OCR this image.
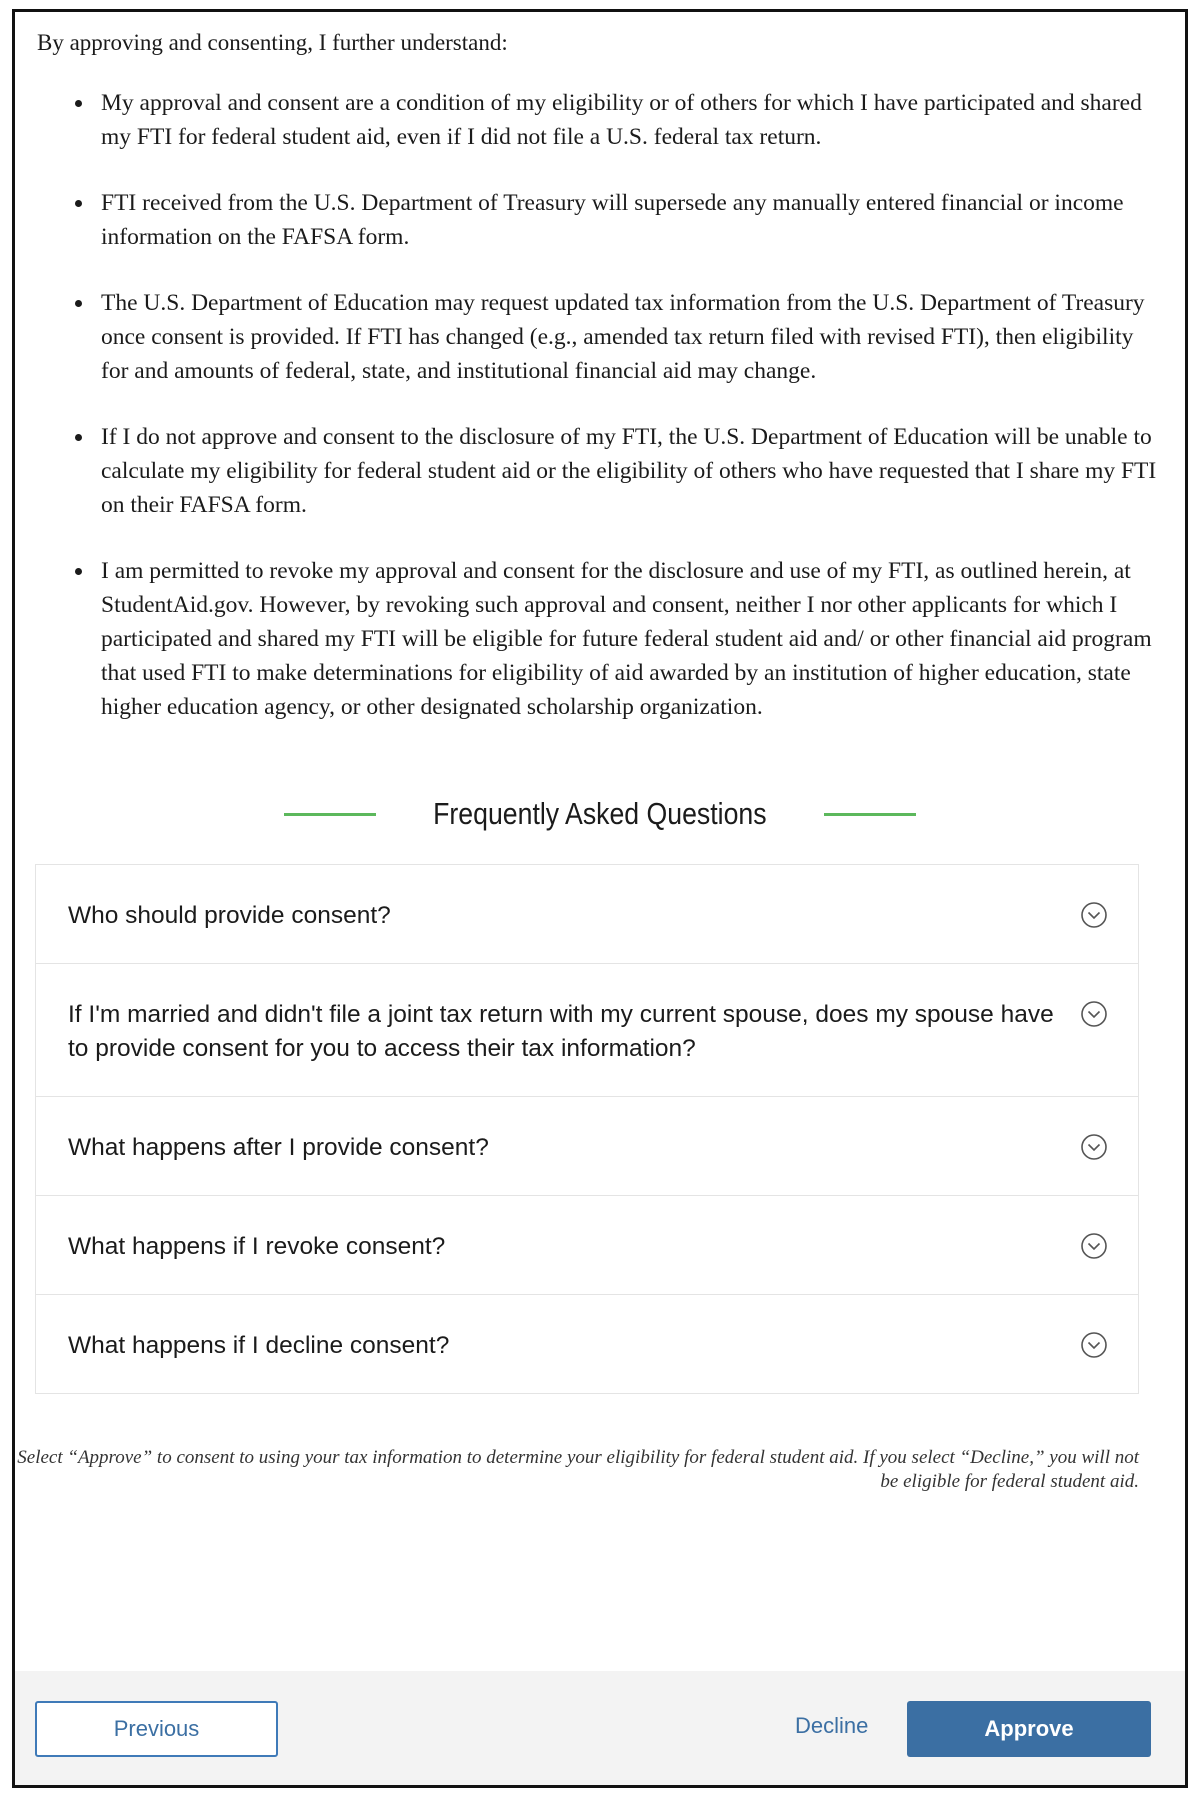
By approving and consenting, I further understand:

• My approval and consent are a condition of my eligibility or of others for which I have participated and shared my FTI for federal student aid, even if I did not file a U.S. federal tax return.
• FTI received from the U.S. Department of Treasury will supersede any manually entered financial or income information on the FAFSA form.
• The U.S. Department of Education may request updated tax information from the U.S. Department of Treasury once consent is provided. If FTI has changed (e.g., amended tax return filed with revised FTI), then eligibility for and amounts of federal, state, and institutional financial aid may change.
• If I do not approve and consent to the disclosure of my FTI, the U.S. Department of Education will be unable to calculate my eligibility for federal student aid or the eligibility of others who have requested that I share my FTI on their FAFSA form.
• I am permitted to revoke my approval and consent for the disclosure and use of my FTI, as outlined herein, at StudentAid.gov. However, by revoking such approval and consent, neither I nor other applicants for which I participated and shared my FTI will be eligible for future federal student aid and/ or other financial aid program that used FTI to make determinations for eligibility of aid awarded by an institution of higher education, state higher education agency, or other designated scholarship organization.
Frequently Asked Questions
Who should provide consent?
If I'm married and didn't file a joint tax return with my current spouse, does my spouse have to provide consent for you to access their tax information?
What happens after I provide consent?
What happens if I revoke consent?
What happens if I decline consent?

Select “Approve” to consent to using your tax information to determine your eligibility for federal student aid. If you select “Decline,” you will not be eligible for federal student aid.

Previous	Decline	Approve
